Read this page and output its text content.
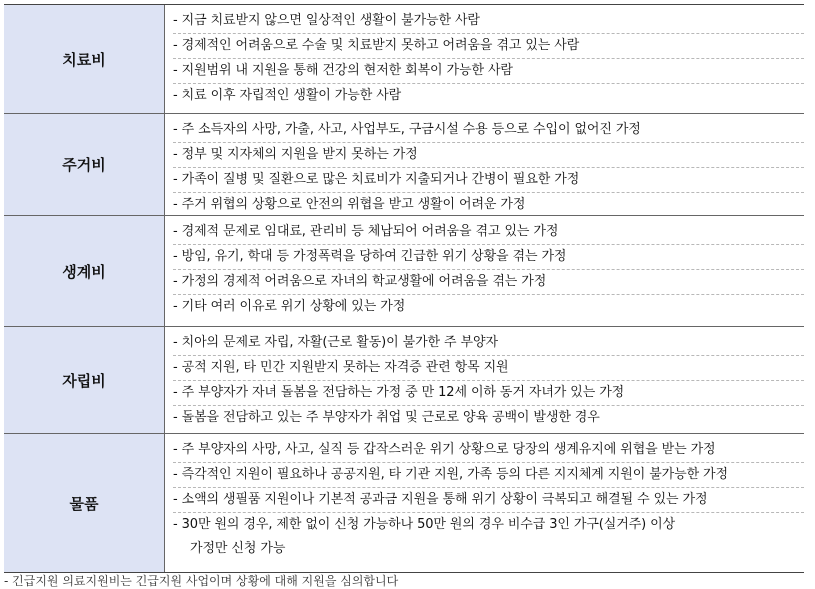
치료비
- 지금 치료받지 않으면 일상적인 생활이 불가능한 사람
- 경제적인 어려움으로 수술 및 치료받지 못하고 어려움을 겪고 있는 사람
- 지원범위 내 지원을 통해 건강의 현저한 회복이 가능한 사람
- 치료 이후 자립적인 생활이 가능한 사람
주거비
- 주 소득자의 사망, 가출, 사고, 사업부도, 구금시설 수용 등으로 수입이 없어진 가정
- 정부 및 지자체의 지원을 받지 못하는 가정
- 가족이 질병 및 질환으로 많은 치료비가 지출되거나 간병이 필요한 가정
- 주거 위협의 상황으로 안전의 위협을 받고 생활이 어려운 가정
생계비
- 경제적 문제로 임대료, 관리비 등 체납되어 어려움을 겪고 있는 가정
- 방임, 유기, 학대 등 가정폭력을 당하여 긴급한 위기 상황을 겪는 가정
- 가정의 경제적 어려움으로 자녀의 학교생활에 어려움을 겪는 가정
- 기타 여러 이유로 위기 상황에 있는 가정
자립비
- 치아의 문제로 자립, 자활(근로 활동)이 불가한 주 부양자
- 공적 지원, 타 민간 지원받지 못하는 자격증 관련 항목 지원
- 주 부양자가 자녀 돌봄을 전담하는 가정 중 만 12세 이하 동거 자녀가 있는 가정
- 돌봄을 전담하고 있는 주 부양자가 취업 및 근로로 양육 공백이 발생한 경우
물품
- 주 부양자의 사망, 사고, 실직 등 갑작스러운 위기 상황으로 당장의 생계유지에 위협을 받는 가정
- 즉각적인 지원이 필요하나 공공지원, 타 기관 지원, 가족 등의 다른 지지체계 지원이 불가능한 가정
- 소액의 생필품 지원이나 기본적 공과금 지원을 통해 위기 상황이 극복되고 해결될 수 있는 가정
- 30만 원의 경우, 제한 없이 신청 가능하나 50만 원의 경우 비수급 3인 가구(실거주) 이상
가정만 신청 가능
- 긴급지원 의료지원비는 긴급지원 사업이며 상황에 대해 지원을 심의합니다
